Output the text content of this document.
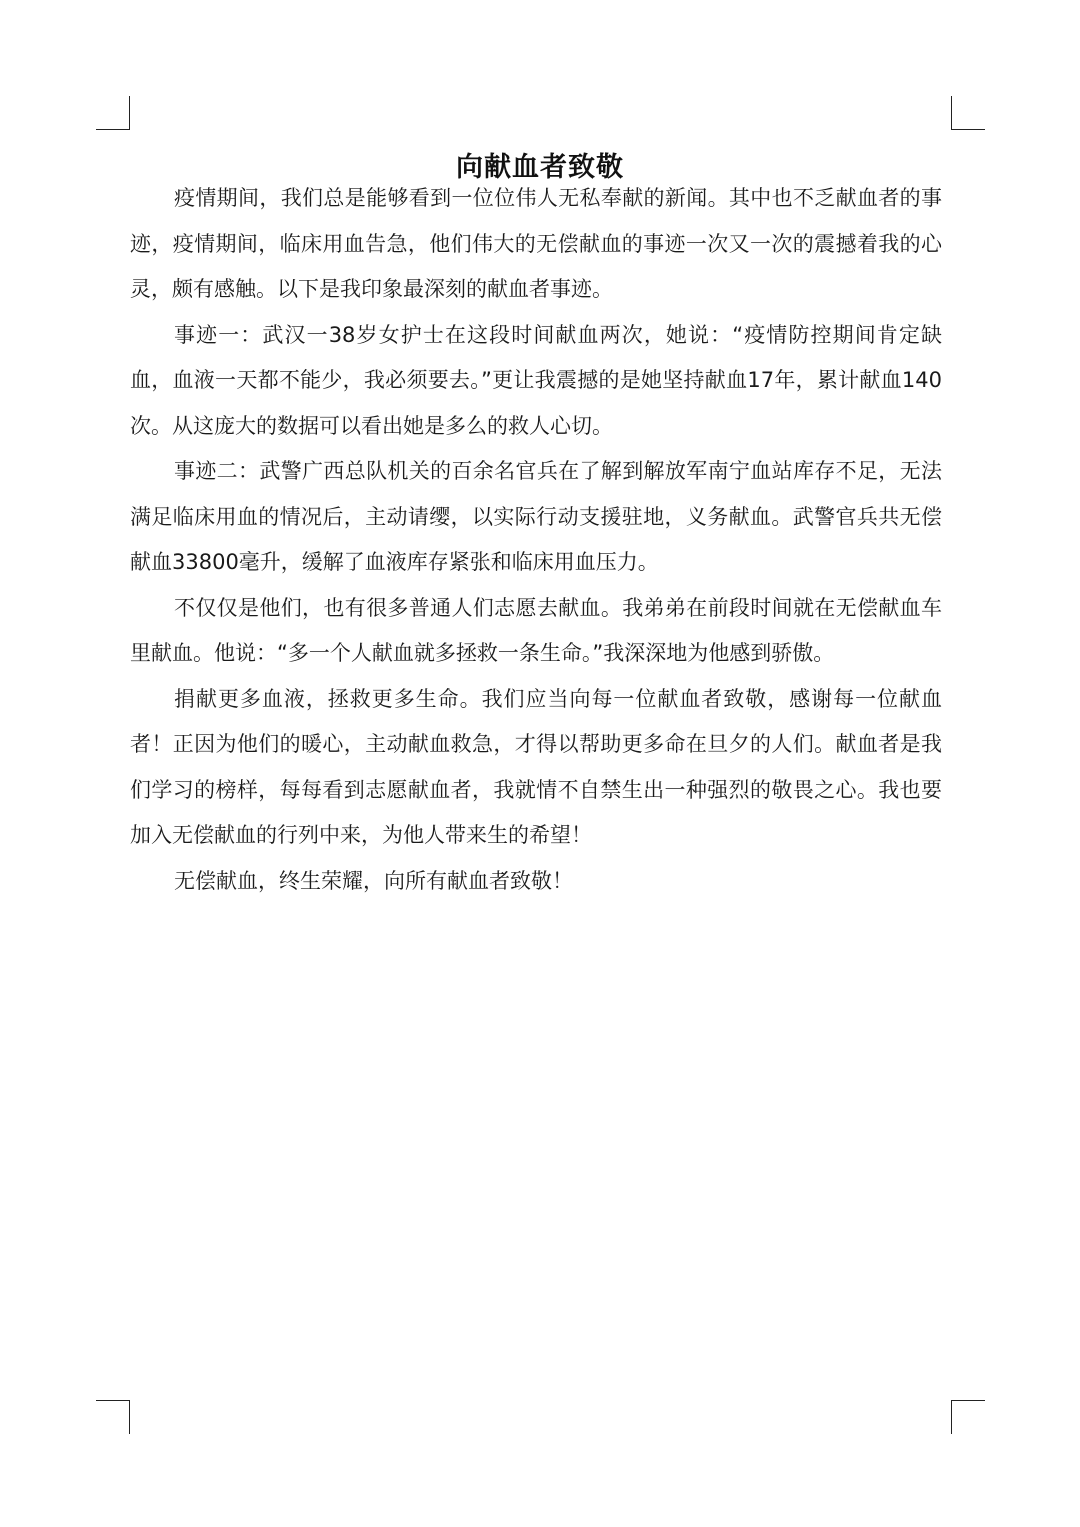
向献血者致敬

疫情期间，我们总是能够看到一位位伟人无私奉献的新闻。其中也不乏献血者的事迹，疫情期间，临床用血告急，他们伟大的无偿献血的事迹一次又一次的震撼着我的心灵，颇有感触。以下是我印象最深刻的献血者事迹。

事迹一：武汉一38岁女护士在这段时间献血两次，她说：“疫情防控期间肯定缺血，血液一天都不能少，我必须要去。”更让我震撼的是她坚持献血17年，累计献血140次。从这庞大的数据可以看出她是多么的救人心切。

事迹二：武警广西总队机关的百余名官兵在了解到解放军南宁血站库存不足，无法满足临床用血的情况后，主动请缨，以实际行动支援驻地，义务献血。武警官兵共无偿献血33800毫升，缓解了血液库存紧张和临床用血压力。

不仅仅是他们，也有很多普通人们志愿去献血。我弟弟在前段时间就在无偿献血车里献血。他说：“多一个人献血就多拯救一条生命。”我深深地为他感到骄傲。

捐献更多血液，拯救更多生命。我们应当向每一位献血者致敬，感谢每一位献血者！正因为他们的暖心，主动献血救急，才得以帮助更多命在旦夕的人们。献血者是我们学习的榜样，每每看到志愿献血者，我就情不自禁生出一种强烈的敬畏之心。我也要加入无偿献血的行列中来，为他人带来生的希望！

无偿献血，终生荣耀，向所有献血者致敬！
